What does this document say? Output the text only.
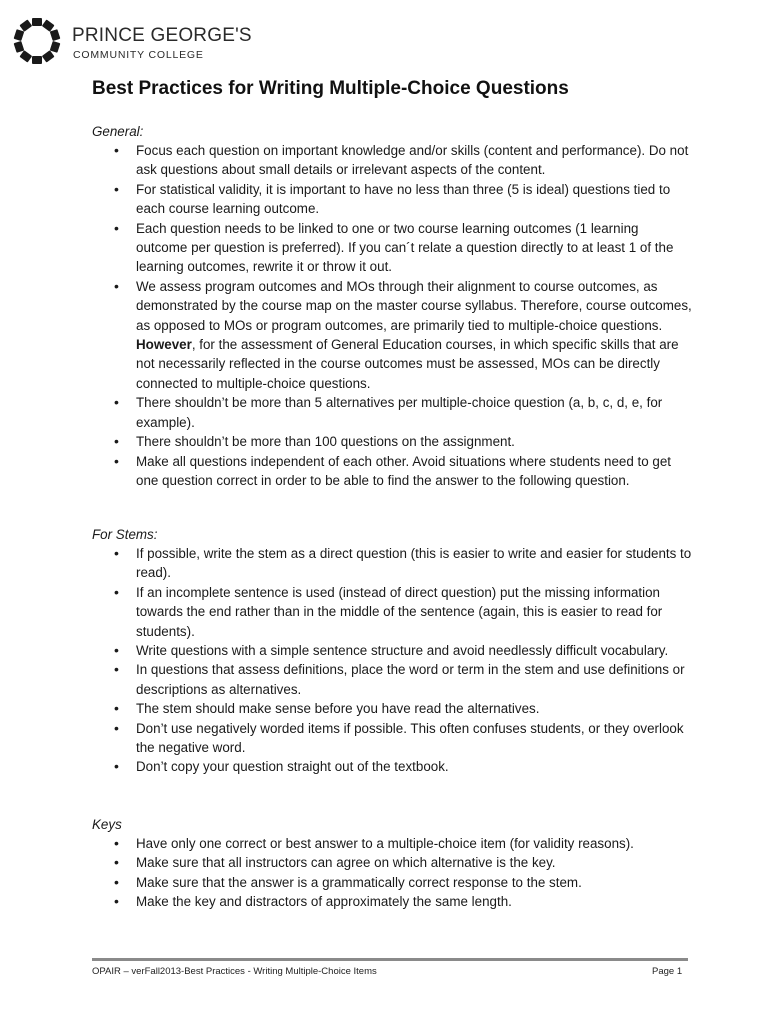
PRINCE GEORGE'S
COMMUNITY COLLEGE
Best Practices for Writing Multiple-Choice Questions
General:
• Focus each question on important knowledge and/or skills (content and performance). Do not ask questions about small details or irrelevant aspects of the content.
• For statistical validity, it is important to have no less than three (5 is ideal) questions tied to each course learning outcome.
• Each question needs to be linked to one or two course learning outcomes (1 learning outcome per question is preferred). If you can´t relate a question directly to at least 1 of the learning outcomes, rewrite it or throw it out.
• We assess program outcomes and MOs through their alignment to course outcomes, as demonstrated by the course map on the master course syllabus. Therefore, course outcomes, as opposed to MOs or program outcomes, are primarily tied to multiple-choice questions. However, for the assessment of General Education courses, in which specific skills that are not necessarily reflected in the course outcomes must be assessed, MOs can be directly connected to multiple-choice questions.
• There shouldn’t be more than 5 alternatives per multiple-choice question (a, b, c, d, e, for example).
• There shouldn’t be more than 100 questions on the assignment.
• Make all questions independent of each other. Avoid situations where students need to get one question correct in order to be able to find the answer to the following question.
For Stems:
• If possible, write the stem as a direct question (this is easier to write and easier for students to read).
• If an incomplete sentence is used (instead of direct question) put the missing information towards the end rather than in the middle of the sentence (again, this is easier to read for students).
• Write questions with a simple sentence structure and avoid needlessly difficult vocabulary.
• In questions that assess definitions, place the word or term in the stem and use definitions or descriptions as alternatives.
• The stem should make sense before you have read the alternatives.
• Don’t use negatively worded items if possible. This often confuses students, or they overlook the negative word.
• Don’t copy your question straight out of the textbook.
Keys
• Have only one correct or best answer to a multiple-choice item (for validity reasons).
• Make sure that all instructors can agree on which alternative is the key.
• Make sure that the answer is a grammatically correct response to the stem.
• Make the key and distractors of approximately the same length.
OPAIR – verFall2013-Best Practices - Writing Multiple-Choice Items	Page 1
